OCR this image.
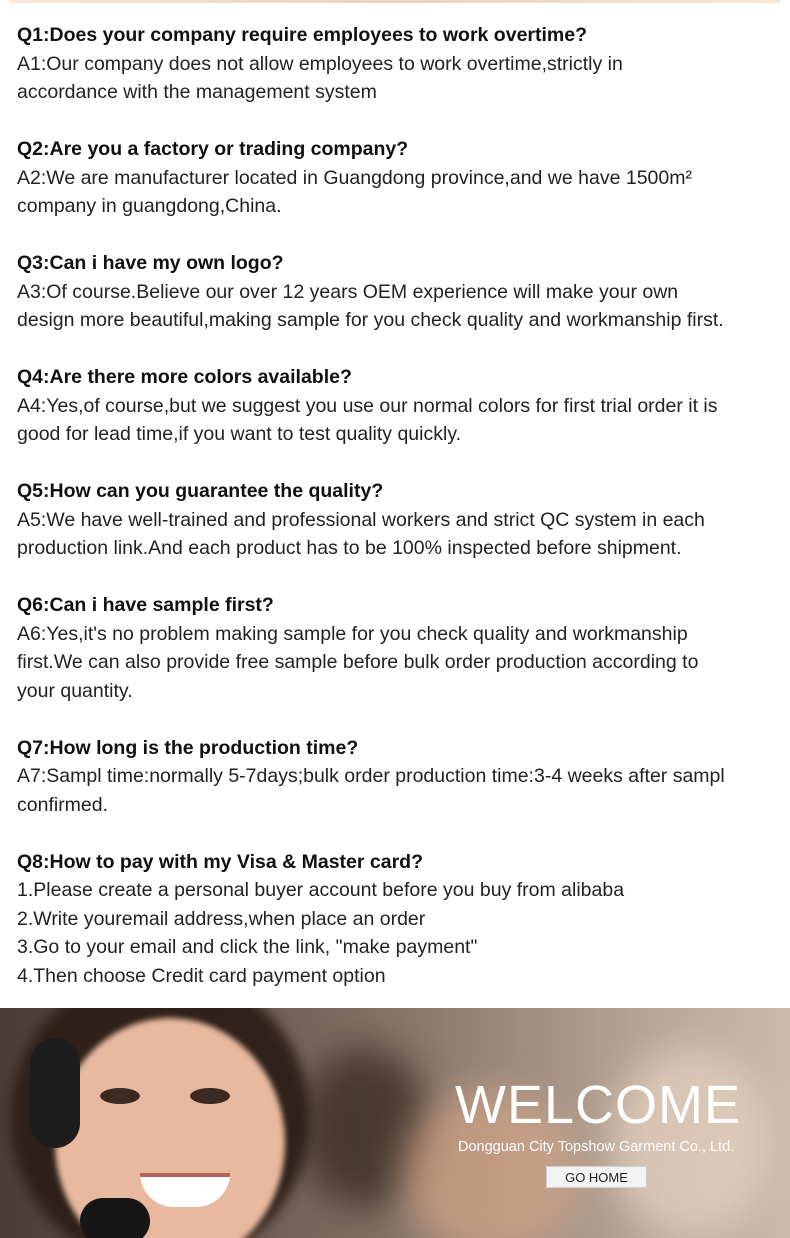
Q1:Does your company require employees to work overtime?
A1:Our company does not allow employees to work overtime,strictly in
accordance with the management system
Q2:Are you a factory or trading company?
A2:We are manufacturer located in Guangdong province,and we have 1500m²
company in guangdong,China.
Q3:Can i have my own logo?
A3:Of course.Believe our over 12 years OEM experience will make your own
design more beautiful,making sample for you check quality and workmanship first.
Q4:Are there more colors available?
A4:Yes,of course,but we suggest you use our normal colors for first trial order it is
good for lead time,if you want to test quality quickly.
Q5:How can you guarantee the quality?
A5:We have well-trained and professional workers and strict QC system in each
production link.And each product has to be 100% inspected before shipment.
Q6:Can i have sample first?
A6:Yes,it's no problem making sample for you check quality and workmanship
first.We can also provide free sample before bulk order production according to
your quantity.
Q7:How long is the production time?
A7:Sampl time:normally 5-7days;bulk order production time:3-4 weeks after sampl
confirmed.
Q8:How to pay with my Visa & Master card?
1.Please create a personal buyer account before you buy from alibaba
2.Write youremail address,when place an order
3.Go to your email and click the link, "make payment"
4.Then choose Credit card payment option
WELCOME
Dongguan City Topshow Garment Co., Ltd.
GO HOME
